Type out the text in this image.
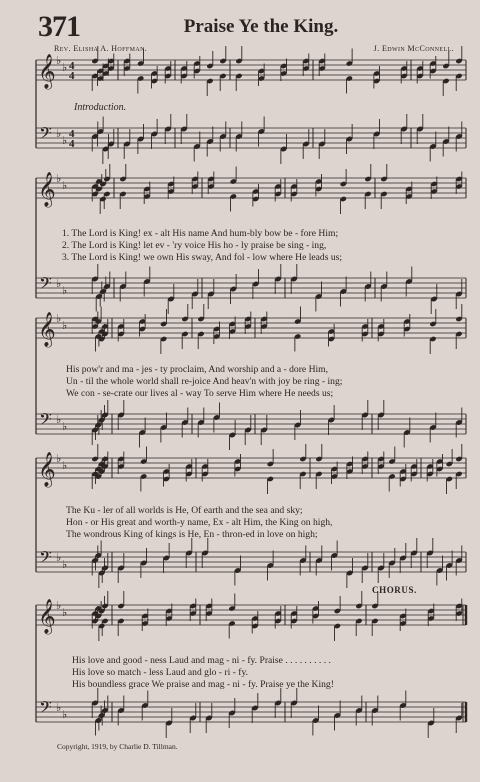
371	Praise Ye the King.
Rev. Elisha A. Hoffman.	J. Edwin McConnell.
𝄞
𝄢
♭
♭
♭
♭
4
4
4
4
𝄞
𝄢
♭
♭
♭
♭
𝄞
𝄢
♭
♭
♭
♭
𝄞
𝄢
♭
♭
♭
♭
𝄞
𝄢
♭
♭
♭
♭
Introduction.
CHORUS.
1. The Lord is King! ex - alt His name And hum-bly bow be - fore Him;
2. The Lord is King! let ev - 'ry voice His ho - ly praise be sing - ing,
3. The Lord is King! we own His sway, And fol - low where He leads us;
His pow'r and ma - jes - ty proclaim, And worship and a - dore Him,
Un - til the whole world shall re-joice And heav'n with joy be ring - ing;
We con - se-crate our lives al - way To serve Him where He needs us;
The Ku - ler of all worlds is He, Of earth and the sea and sky;
Hon - or His great and worth-y name, Ex - alt Him, the King on high,
The wondrous King of kings is He, En - thron-ed in love on high;
His love and good - ness Laud and mag - ni - fy. Praise . . . . . . . . . .
His love so match - less Laud and glo - ri - fy.
His boundless grace We praise and mag - ni - fy. Praise ye the King!
Copyright, 1919, by Charlie D. Tillman.
